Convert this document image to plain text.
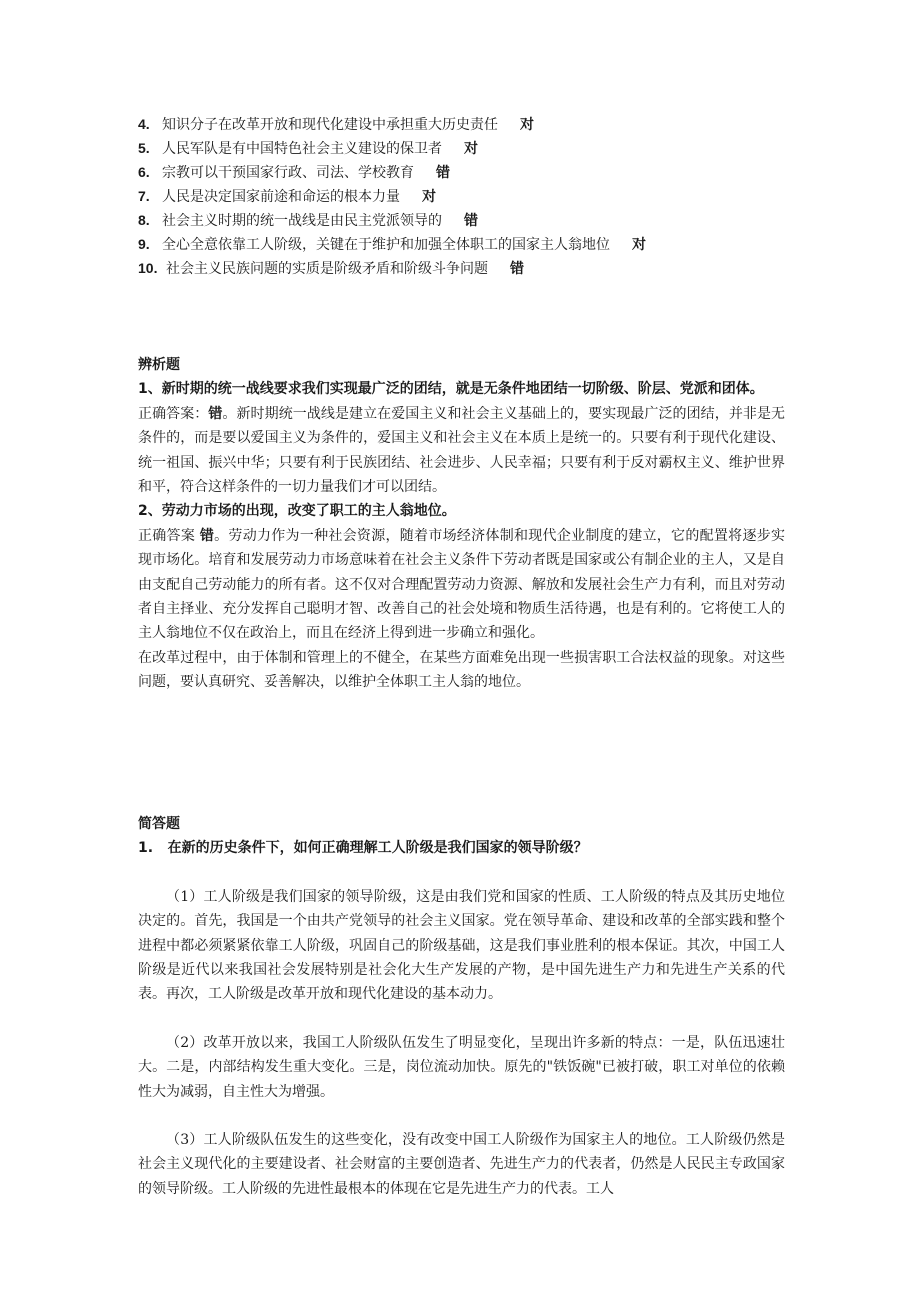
4. 知识分子在改革开放和现代化建设中承担重大历史责任 对
5. 人民军队是有中国特色社会主义建设的保卫者 对
6. 宗教可以干预国家行政、司法、学校教育 错
7. 人民是决定国家前途和命运的根本力量 对
8. 社会主义时期的统一战线是由民主党派领导的 错
9. 全心全意依靠工人阶级，关键在于维护和加强全体职工的国家主人翁地位 对
10. 社会主义民族问题的实质是阶级矛盾和阶级斗争问题 错
辨析题
1、新时期的统一战线要求我们实现最广泛的团结，就是无条件地团结一切阶级、阶层、党派和团体。

正确答案：错。新时期统一战线是建立在爱国主义和社会主义基础上的，要实现最广泛的团结，并非是无条件的，而是要以爱国主义为条件的，爱国主义和社会主义在本质上是统一的。只要有利于现代化建设、统一祖国、振兴中华；只要有利于民族团结、社会进步、人民幸福；只要有利于反对霸权主义、维护世界和平，符合这样条件的一切力量我们才可以团结。

2、劳动力市场的出现，改变了职工的主人翁地位。

正确答案 错。劳动力作为一种社会资源，随着市场经济体制和现代企业制度的建立，它的配置将逐步实现市场化。培育和发展劳动力市场意味着在社会主义条件下劳动者既是国家或公有制企业的主人，又是自由支配自己劳动能力的所有者。这不仅对合理配置劳动力资源、解放和发展社会生产力有利，而且对劳动者自主择业、充分发挥自己聪明才智、改善自己的社会处境和物质生活待遇，也是有利的。它将使工人的主人翁地位不仅在政治上，而且在经济上得到进一步确立和强化。

在改革过程中，由于体制和管理上的不健全，在某些方面难免出现一些损害职工合法权益的现象。对这些问题，要认真研究、妥善解决，以维护全体职工主人翁的地位。

简答题
1.   在新的历史条件下，如何正确理解工人阶级是我们国家的领导阶级？

（1）工人阶级是我们国家的领导阶级，这是由我们党和国家的性质、工人阶级的特点及其历史地位决定的。首先，我国是一个由共产党领导的社会主义国家。党在领导革命、建设和改革的全部实践和整个进程中都必须紧紧依靠工人阶级，巩固自己的阶级基础，这是我们事业胜利的根本保证。其次，中国工人阶级是近代以来我国社会发展特别是社会化大生产发展的产物，是中国先进生产力和先进生产关系的代表。再次，工人阶级是改革开放和现代化建设的基本动力。

（2）改革开放以来，我国工人阶级队伍发生了明显变化，呈现出许多新的特点：一是，队伍迅速壮大。二是，内部结构发生重大变化。三是，岗位流动加快。原先的"铁饭碗"已被打破，职工对单位的依赖性大为减弱，自主性大为增强。

（3）工人阶级队伍发生的这些变化，没有改变中国工人阶级作为国家主人的地位。工人阶级仍然是社会主义现代化的主要建设者、社会财富的主要创造者、先进生产力的代表者，仍然是人民民主专政国家的领导阶级。工人阶级的先进性最根本的体现在它是先进生产力的代表。工人
